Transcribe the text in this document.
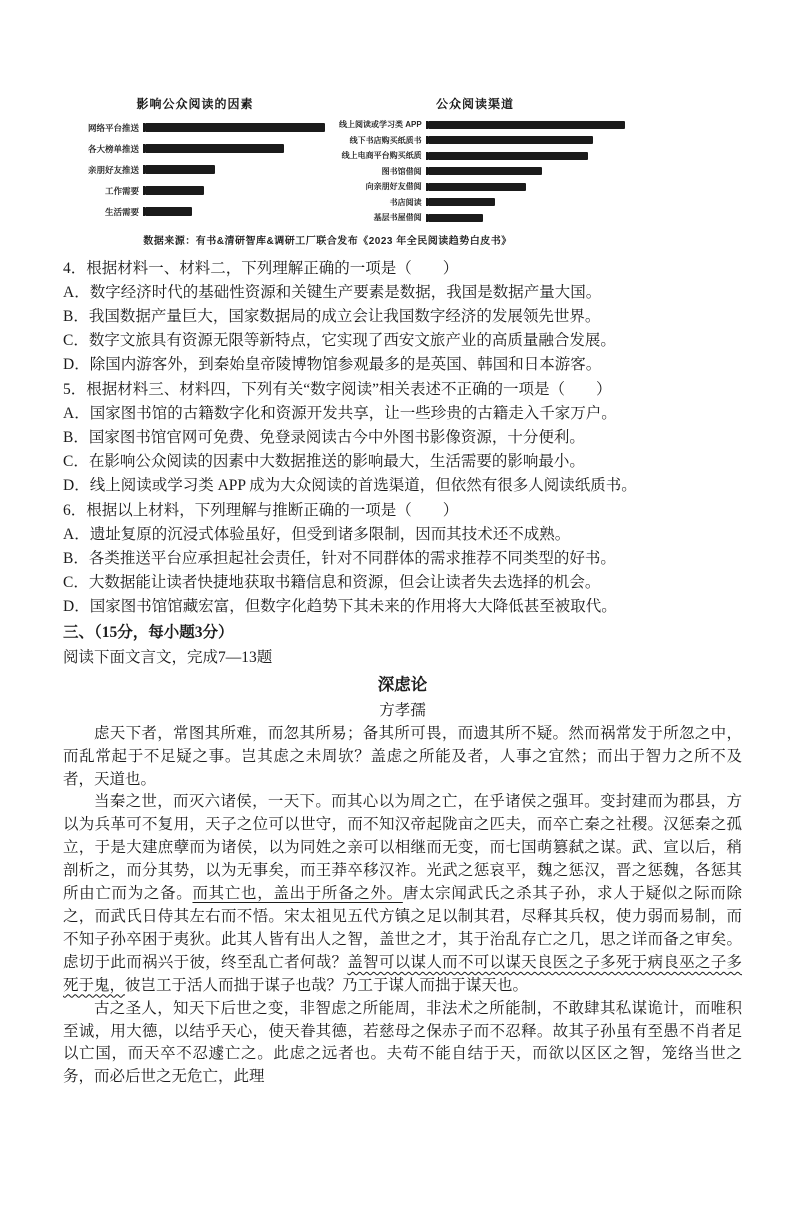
影响公众阅读的因素
网络平台推送
各大榜单推送
亲朋好友推送
工作需要
生活需要
公众阅读渠道
线上阅读或学习类 APP
线下书店购买纸质书
线上电商平台购买纸质
图书馆借阅
向亲朋好友借阅
书店阅读
基层书屋借阅
数据来源：有书&清研智库&调研工厂联合发布《2023 年全民阅读趋势白皮书》

4．根据材料一、材料二，下列理解正确的一项是（　　）

A．数字经济时代的基础性资源和关键生产要素是数据，我国是数据产量大国。

B．我国数据产量巨大，国家数据局的成立会让我国数字经济的发展领先世界。

C．数字文旅具有资源无限等新特点，它实现了西安文旅产业的高质量融合发展。

D．除国内游客外，到秦始皇帝陵博物馆参观最多的是英国、韩国和日本游客。

5．根据材料三、材料四，下列有关“数字阅读”相关表述不正确的一项是（　　）

A．国家图书馆的古籍数字化和资源开发共享，让一些珍贵的古籍走入千家万户。

B．国家图书馆官网可免费、免登录阅读古今中外图书影像资源，十分便利。

C．在影响公众阅读的因素中大数据推送的影响最大，生活需要的影响最小。

D．线上阅读或学习类 APP 成为大众阅读的首选渠道，但依然有很多人阅读纸质书。

6．根据以上材料，下列理解与推断正确的一项是（　　）

A．遗址复原的沉浸式体验虽好，但受到诸多限制，因而其技术还不成熟。

B．各类推送平台应承担起社会责任，针对不同群体的需求推荐不同类型的好书。

C．大数据能让读者快捷地获取书籍信息和资源，但会让读者失去选择的机会。

D．国家图书馆馆藏宏富，但数字化趋势下其未来的作用将大大降低甚至被取代。

三、（15分，每小题3分）

阅读下面文言文，完成7—13题

深虑论

方孝孺

虑天下者，常图其所难，而忽其所易；备其所可畏，而遗其所不疑。然而祸常发于所忽之中，而乱常起于不足疑之事。岂其虑之未周欤？盖虑之所能及者，人事之宜然；而出于智力之所不及者，天道也。

当秦之世，而灭六诸侯，一天下。而其心以为周之亡，在乎诸侯之强耳。变封建而为郡县，方以为兵革可不复用，天子之位可以世守，而不知汉帝起陇亩之匹夫，而卒亡秦之社稷。汉惩秦之孤立，于是大建庶孽而为诸侯，以为同姓之亲可以相继而无变，而七国萌篡弑之谋。武、宣以后，稍剖析之，而分其势，以为无事矣，而王莽卒移汉祚。光武之惩哀平，魏之惩汉，晋之惩魏，各惩其所由亡而为之备。而其亡也，盖出于所备之外。唐太宗闻武氏之杀其子孙，求人于疑似之际而除之，而武氏日侍其左右而不悟。宋太祖见五代方镇之足以制其君，尽释其兵权，使力弱而易制，而不知子孙卒困于夷狄。此其人皆有出人之智，盖世之才，其于治乱存亡之几，思之详而备之审矣。虑切于此而祸兴于彼，终至乱亡者何哉？盖智可以谋人而不可以谋天良医之子多死于病良巫之子多死于鬼，彼岂工于活人而拙于谋子也哉？乃工于谋人而拙于谋天也。

古之圣人，知天下后世之变，非智虑之所能周，非法术之所能制，不敢肆其私谋诡计，而唯积至诚，用大德，以结乎天心，使天眷其德，若慈母之保赤子而不忍释。故其子孙虽有至愚不肖者足以亡国，而天卒不忍遽亡之。此虑之远者也。夫苟不能自结于天，而欲以区区之智，笼络当世之务，而必后世之无危亡，此理
